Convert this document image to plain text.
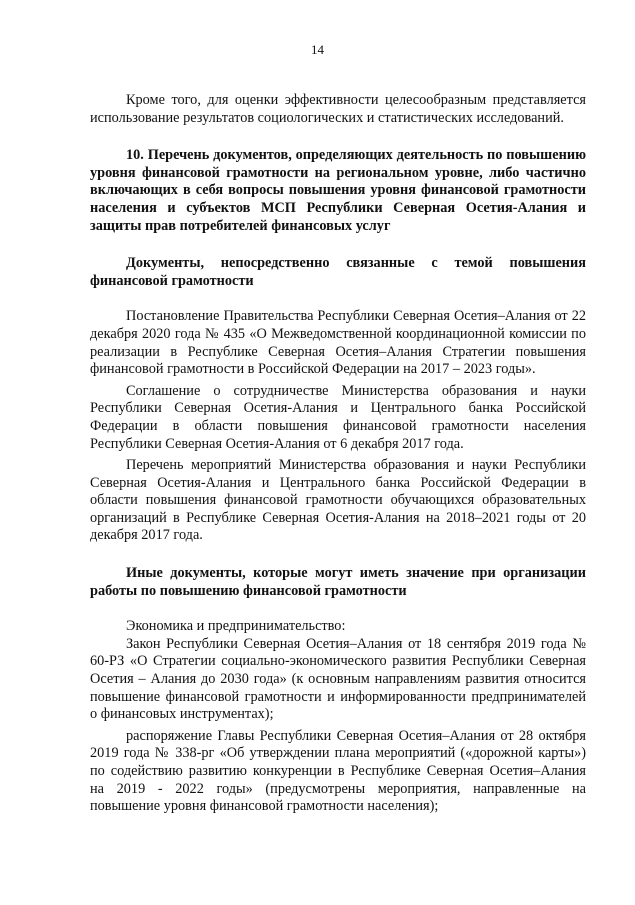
14

Кроме того, для оценки эффективности целесообразным представляется использование результатов социологических и статистических исследований.

10. Перечень документов, определяющих деятельность по повышению уровня финансовой грамотности на региональном уровне, либо частично включающих в себя вопросы повышения уровня финансовой грамотности населения и субъектов МСП Республики Северная Осетия-Алания и защиты прав потребителей финансовых услуг

Документы, непосредственно связанные с темой повышения финансовой грамотности

Постановление Правительства Республики Северная Осетия–Алания от 22 декабря 2020 года № 435 «О Межведомственной координационной комиссии по реализации в Республике Северная Осетия–Алания Стратегии повышения финансовой грамотности в Российской Федерации на 2017 – 2023 годы».

Соглашение о сотрудничестве Министерства образования и науки Республики Северная Осетия-Алания и Центрального банка Российской Федерации в области повышения финансовой грамотности населения Республики Северная Осетия-Алания от 6 декабря 2017 года.

Перечень мероприятий Министерства образования и науки Республики Северная Осетия-Алания и Центрального банка Российской Федерации в области повышения финансовой грамотности обучающихся образовательных организаций в Республике Северная Осетия-Алания на 2018–2021 годы от 20 декабря 2017 года.

Иные документы, которые могут иметь значение при организации работы по повышению финансовой грамотности

Экономика и предпринимательство:

Закон Республики Северная Осетия–Алания от 18 сентября 2019 года № 60-РЗ «О Стратегии социально-экономического развития Республики Северная Осетия – Алания до 2030 года» (к основным направлениям развития относится повышение финансовой грамотности и информированности предпринимателей о финансовых инструментах);

распоряжение Главы Республики Северная Осетия–Алания от 28 октября 2019 года № 338-рг «Об утверждении плана мероприятий («дорожной карты») по содействию развитию конкуренции в Республике Северная Осетия–Алания на 2019 - 2022 годы» (предусмотрены мероприятия, направленные на повышение уровня финансовой грамотности населения);
